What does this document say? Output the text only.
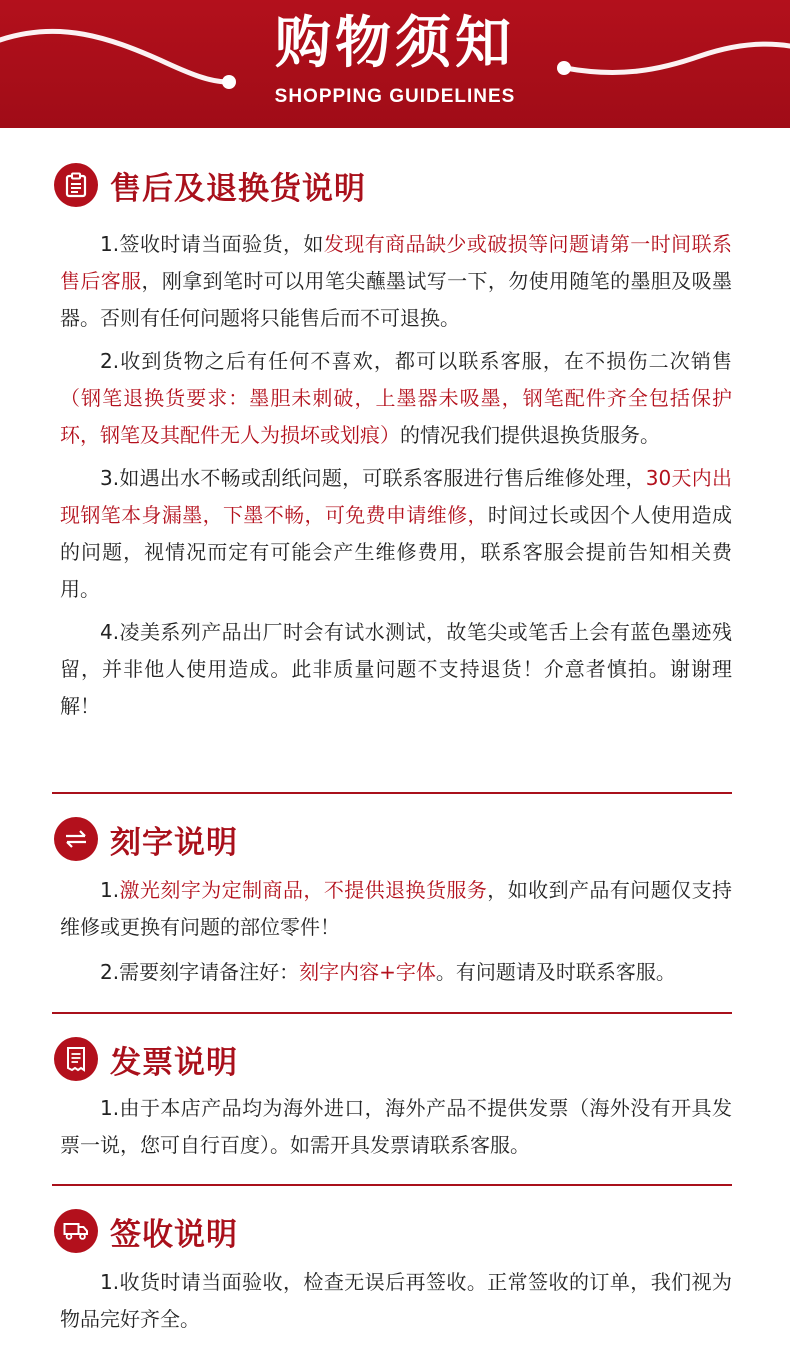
购物须知
SHOPPING GUIDELINES
售后及退换货说明

1.签收时请当面验货，如发现有商品缺少或破损等问题请第一时间联系售后客服，刚拿到笔时可以用笔尖蘸墨试写一下，勿使用随笔的墨胆及吸墨器。否则有任何问题将只能售后而不可退换。

2.收到货物之后有任何不喜欢，都可以联系客服，在不损伤二次销售（钢笔退换货要求：墨胆未刺破，上墨器未吸墨，钢笔配件齐全包括保护环，钢笔及其配件无人为损坏或划痕）的情况我们提供退换货服务。

3.如遇出水不畅或刮纸问题，可联系客服进行售后维修处理，30天内出现钢笔本身漏墨，下墨不畅，可免费申请维修，时间过长或因个人使用造成的问题，视情况而定有可能会产生维修费用，联系客服会提前告知相关费用。

4.凌美系列产品出厂时会有试水测试，故笔尖或笔舌上会有蓝色墨迹残留，并非他人使用造成。此非质量问题不支持退货！介意者慎拍。谢谢理解！

刻字说明

1.激光刻字为定制商品，不提供退换货服务，如收到产品有问题仅支持维修或更换有问题的部位零件！

2.需要刻字请备注好：刻字内容+字体。有问题请及时联系客服。

发票说明

1.由于本店产品均为海外进口，海外产品不提供发票（海外没有开具发票一说，您可自行百度）。如需开具发票请联系客服。

签收说明

1.收货时请当面验收，检查无误后再签收。正常签收的订单，我们视为物品完好齐全。
